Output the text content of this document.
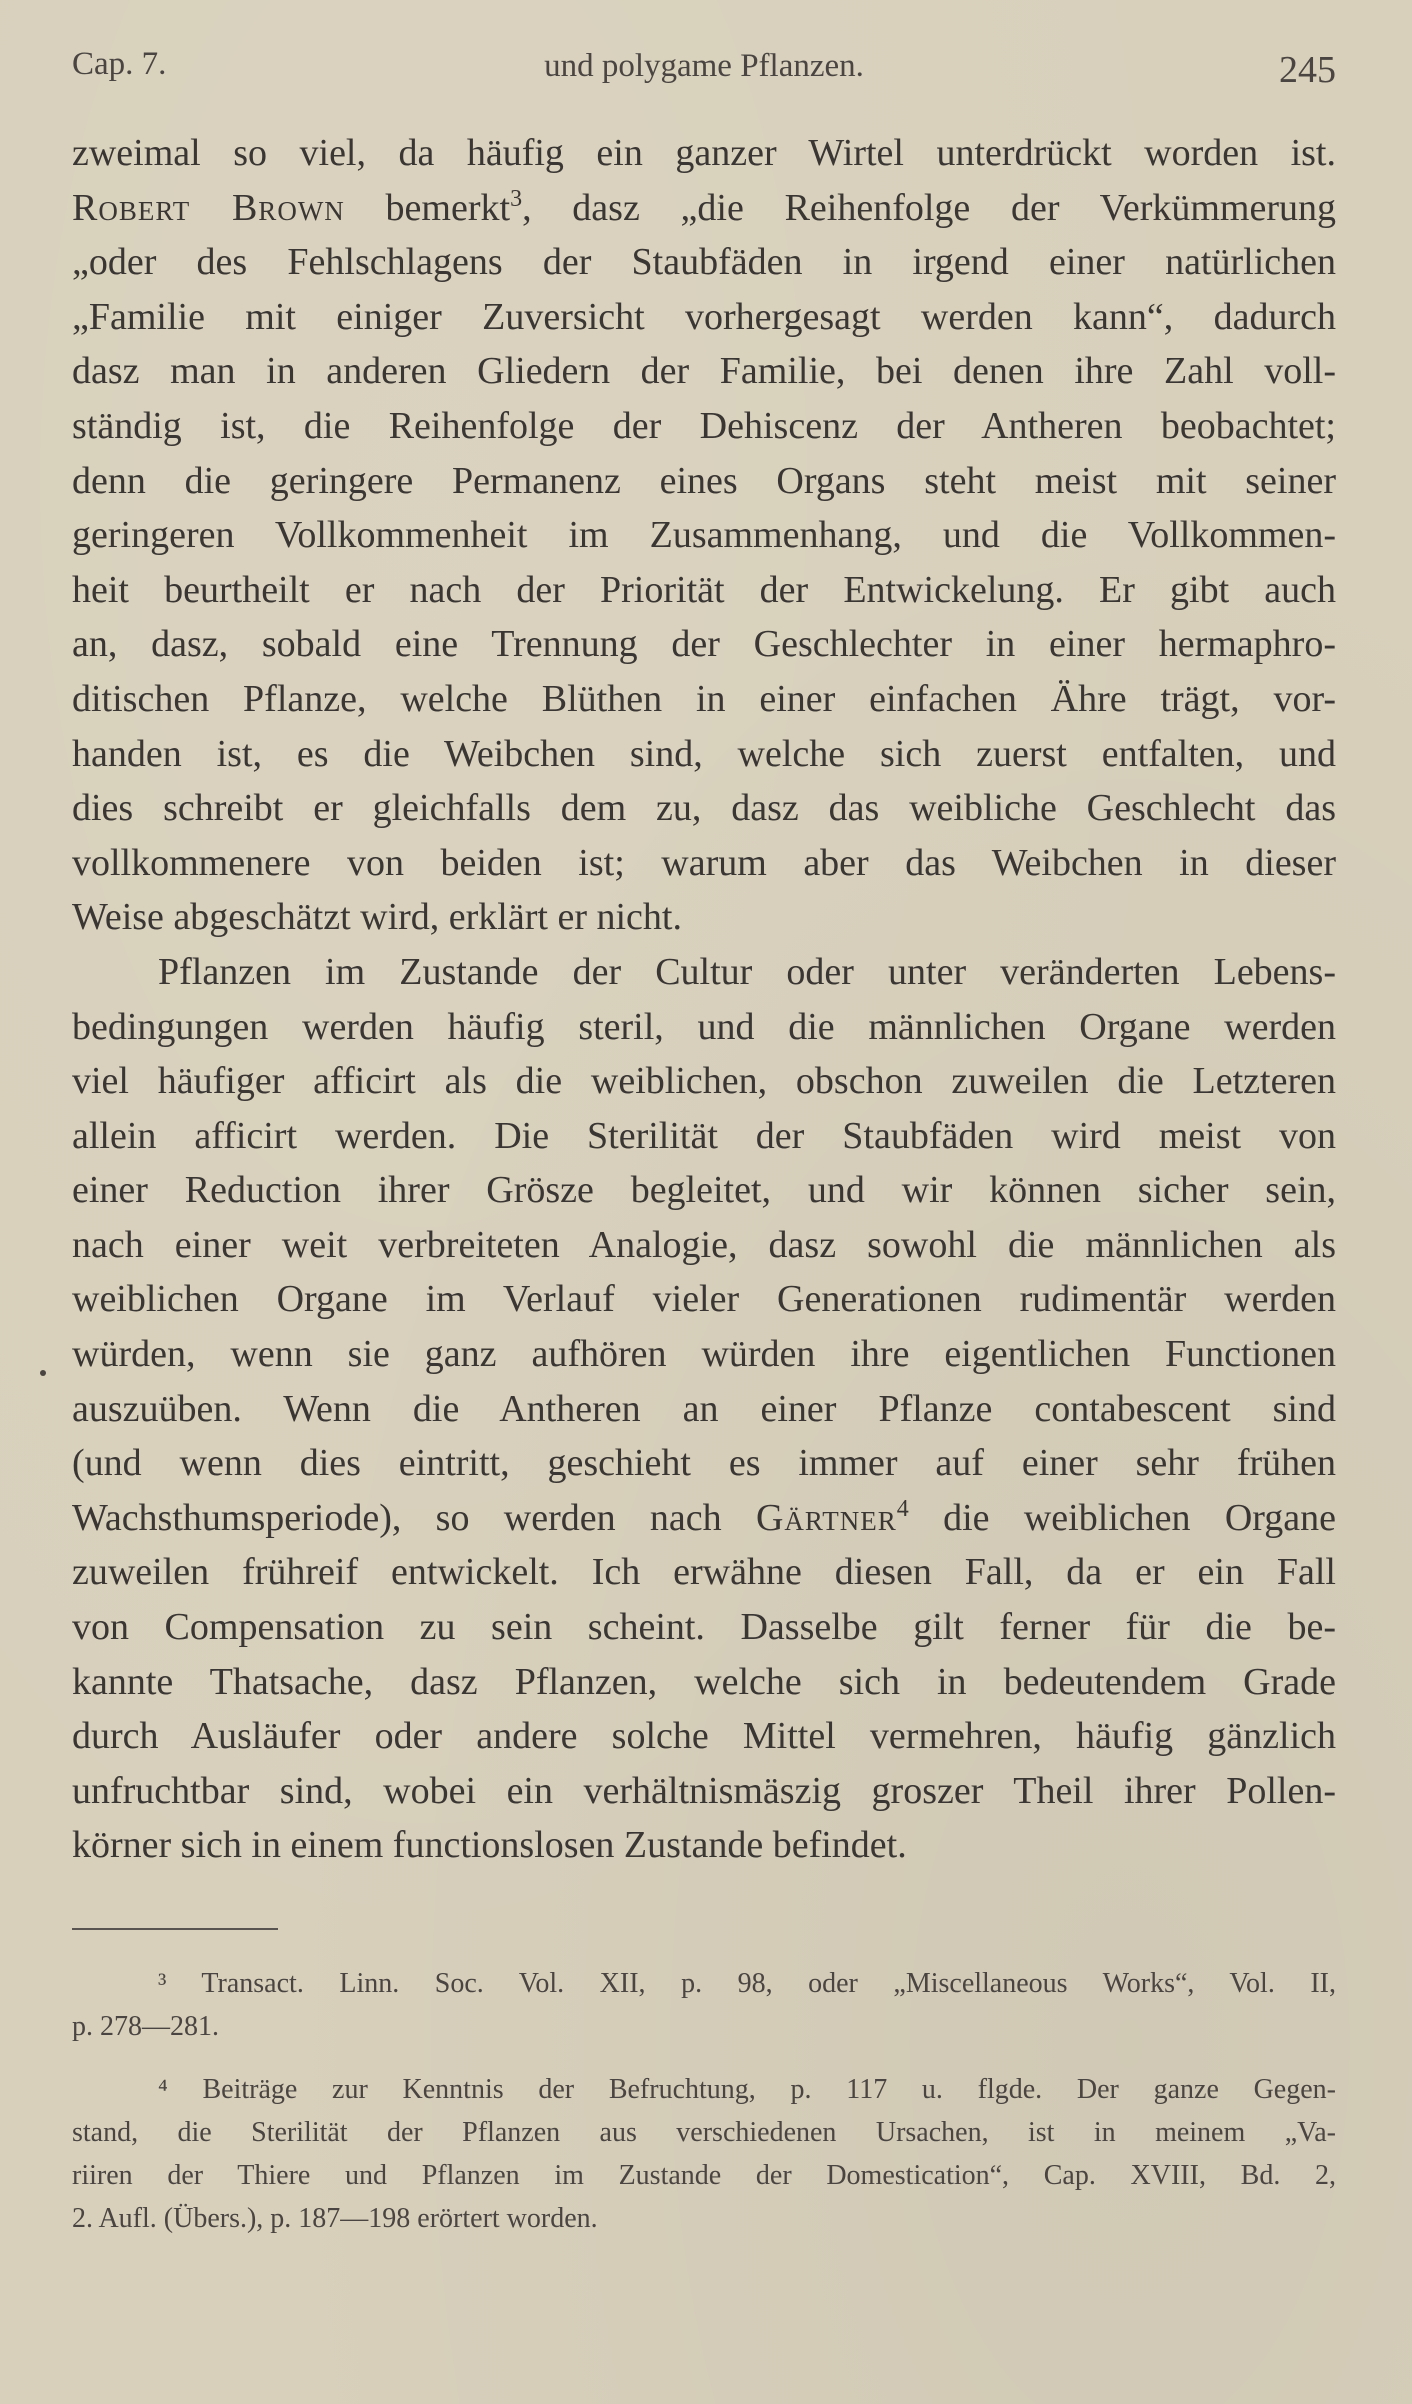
Cap. 7.	und polygame Pflanzen.	245
zweimal so viel, da häufig ein ganzer Wirtel unterdrückt worden ist.
Robert Brown bemerkt$^3$, dasz „die Reihenfolge der Verkümmerung
„oder des Fehlschlagens der Staubfäden in irgend einer natürlichen
„Familie mit einiger Zuversicht vorhergesagt werden kann“, dadurch
dasz man in anderen Gliedern der Familie, bei denen ihre Zahl voll-
ständig ist, die Reihenfolge der Dehiscenz der Antheren beobachtet;
denn die geringere Permanenz eines Organs steht meist mit seiner
geringeren Vollkommenheit im Zusammenhang, und die Vollkommen-
heit beurtheilt er nach der Priorität der Entwickelung. Er gibt auch
an, dasz, sobald eine Trennung der Geschlechter in einer hermaphro-
ditischen Pflanze, welche Blüthen in einer einfachen Ähre trägt, vor-
handen ist, es die Weibchen sind, welche sich zuerst entfalten, und
dies schreibt er gleichfalls dem zu, dasz das weibliche Geschlecht das
vollkommenere von beiden ist; warum aber das Weibchen in dieser
Weise abgeschätzt wird, erklärt er nicht.
Pflanzen im Zustande der Cultur oder unter veränderten Lebens-
bedingungen werden häufig steril, und die männlichen Organe werden
viel häufiger afficirt als die weiblichen, obschon zuweilen die Letzteren
allein afficirt werden. Die Sterilität der Staubfäden wird meist von
einer Reduction ihrer Grösze begleitet, und wir können sicher sein,
nach einer weit verbreiteten Analogie, dasz sowohl die männlichen als
weiblichen Organe im Verlauf vieler Generationen rudimentär werden
würden, wenn sie ganz aufhören würden ihre eigentlichen Functionen
auszuüben. Wenn die Antheren an einer Pflanze contabescent sind
(und wenn dies eintritt, geschieht es immer auf einer sehr frühen
Wachsthumsperiode), so werden nach Gärtner$^4$ die weiblichen Organe
zuweilen frühreif entwickelt. Ich erwähne diesen Fall, da er ein Fall
von Compensation zu sein scheint. Dasselbe gilt ferner für die be-
kannte Thatsache, dasz Pflanzen, welche sich in bedeutendem Grade
durch Ausläufer oder andere solche Mittel vermehren, häufig gänzlich
unfruchtbar sind, wobei ein verhältnismäszig groszer Theil ihrer Pollen-
körner sich in einem functionslosen Zustande befindet.
³ Transact. Linn. Soc. Vol. XII, p. 98, oder „Miscellaneous Works“, Vol. II,
p. 278—281.
⁴ Beiträge zur Kenntnis der Befruchtung, p. 117 u. flgde. Der ganze Gegen-
stand, die Sterilität der Pflanzen aus verschiedenen Ursachen, ist in meinem „Va-
riiren der Thiere und Pflanzen im Zustande der Domestication“, Cap. XVIII, Bd. 2,
2. Aufl. (Übers.), p. 187—198 erörtert worden.
